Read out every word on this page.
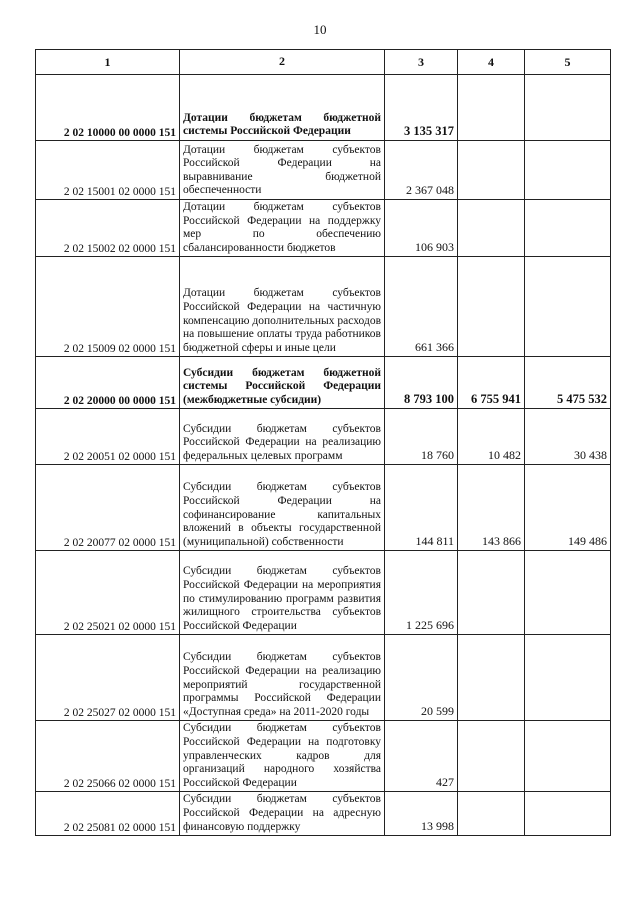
10
1	2	3	4	5
2 02 10000 00 0000 151	Дотации бюджетам бюджетной системы Российской Федерации	3 135 317		
2 02 15001 02 0000 151	Дотации бюджетам субъектов Российской Федерации на выравнивание бюджетной обеспеченности	2 367 048		
2 02 15002 02 0000 151	Дотации бюджетам субъектов Российской Федерации на поддержку мер по обеспечению сбалансированности бюджетов	106 903		
2 02 15009 02 0000 151	Дотации бюджетам субъектов Российской Федерации на частичную компенсацию дополнительных расходов на повышение оплаты труда работников бюджетной сферы и иные цели	661 366		
2 02 20000 00 0000 151	Субсидии бюджетам бюджетной системы Российской Федерации (межбюджетные субсидии)	8 793 100	6 755 941	5 475 532
2 02 20051 02 0000 151	Субсидии бюджетам субъектов Российской Федерации на реализацию федеральных целевых программ	18 760	10 482	30 438
2 02 20077 02 0000 151	Субсидии бюджетам субъектов Российской Федерации на софинансирование капитальных вложений в объекты государственной (муниципальной) собственности	144 811	143 866	149 486
2 02 25021 02 0000 151	Субсидии бюджетам субъектов Российской Федерации на мероприятия по стимулированию программ развития жилищного строительства субъектов Российской Федерации	1 225 696		
2 02 25027 02 0000 151	Субсидии бюджетам субъектов Российской Федерации на реализацию мероприятий государственной программы Российской Федерации «Доступная среда» на 2011-2020 годы	20 599		
2 02 25066 02 0000 151	Субсидии бюджетам субъектов Российской Федерации на подготовку управленческих кадров для организаций народного хозяйства Российской Федерации	427		
2 02 25081 02 0000 151	Субсидии бюджетам субъектов Российской Федерации на адресную финансовую поддержку	13 998		
